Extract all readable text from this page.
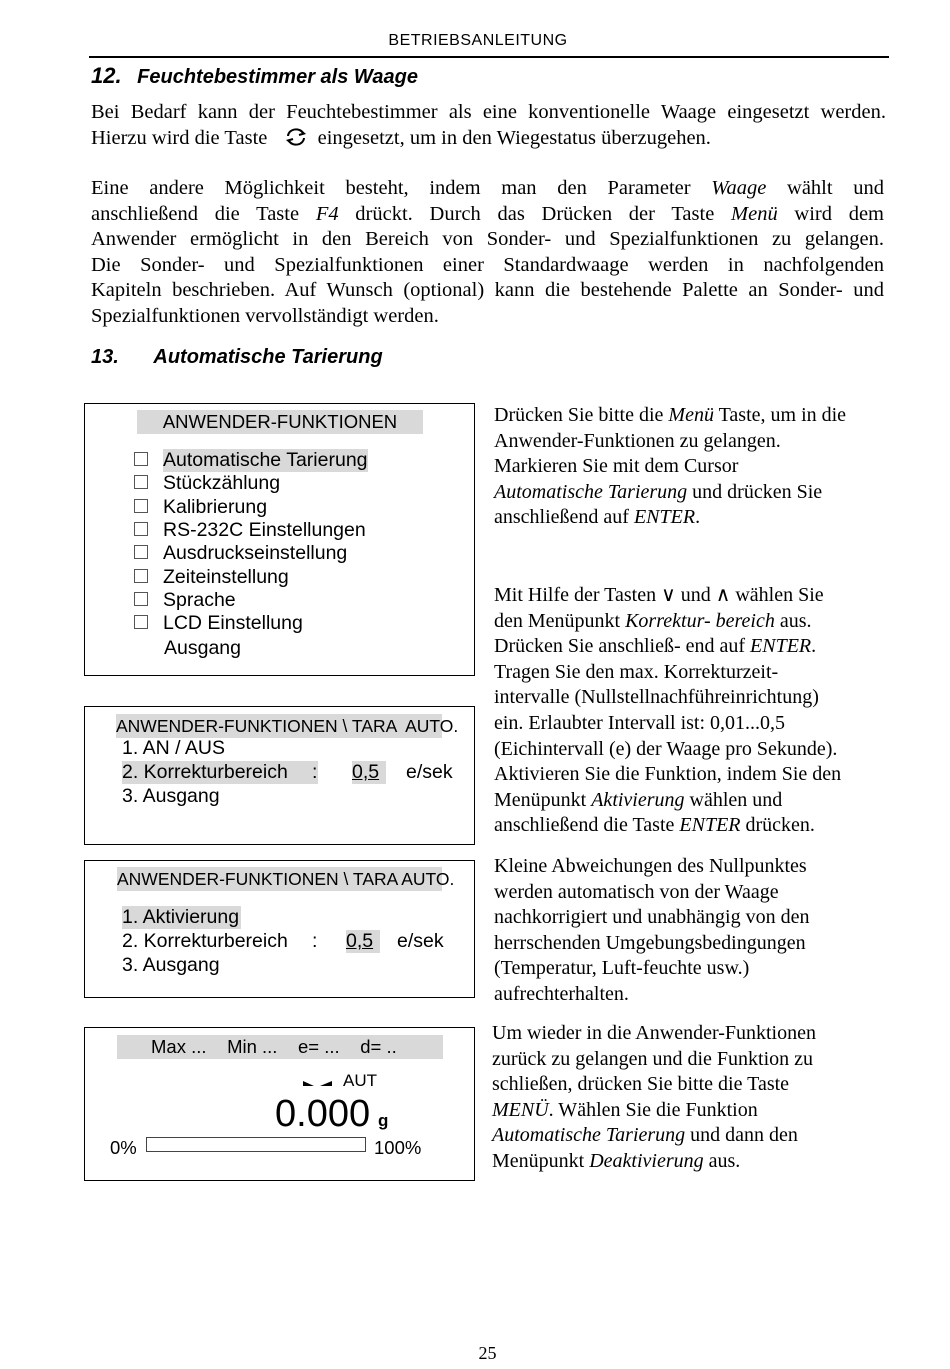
BETRIEBSANLEITUNG
12. Feuchtebestimmer als Waage
Bei Bedarf kann der Feuchtebestimmer als eine konventionelle Waage eingesetzt werden.
Hierzu wird die Taste eingesetzt, um in den Wiegestatus überzugehen.
Eine andere Möglichkeit besteht, indem man den Parameter Waage wählt und
anschließend die Taste F4 drückt. Durch das Drücken der Taste Menü wird dem
Anwender ermöglicht in den Bereich von Sonder- und Spezialfunktionen zu gelangen.
Die Sonder- und Spezialfunktionen einer Standardwaage werden in nachfolgenden
Kapiteln beschrieben. Auf Wunsch (optional) kann die bestehende Palette an Sonder- und
Spezialfunktionen vervollständigt werden.
13. Automatische Tarierung
ANWENDER-FUNKTIONEN
Automatische Tarierung
Stückzählung
Kalibrierung
RS-232C Einstellungen
Ausdruckseinstellung
Zeiteinstellung
Sprache
LCD Einstellung
Ausgang
ANWENDER-FUNKTIONEN \ TARA  AUTO.
1. AN / AUS
2. Korrekturbereich : 0,5 e/sek
3. Ausgang
ANWENDER-FUNKTIONEN \ TARA AUTO.
1. Aktivierung
2. Korrekturbereich : 0,5	e/sek
3. Ausgang
Max ...    Min ...    e= ...    d= ..
AUT
0.000 g
0%	100%
Drücken Sie bitte die Menü Taste, um in die
Anwender-Funktionen zu gelangen.
Markieren Sie mit dem Cursor
Automatische Tarierung und drücken Sie
anschließend auf ENTER.
Mit Hilfe der Tasten ∨ und ∧ wählen Sie
den Menüpunkt Korrektur- bereich aus.
Drücken Sie anschließ- end auf ENTER.
Tragen Sie den max. Korrekturzeit-
intervalle (Nullstellnachführeinrichtung)
ein. Erlaubter Intervall ist: 0,01...0,5
(Eichintervall (e) der Waage pro Sekunde).
Aktivieren Sie die Funktion, indem Sie den
Menüpunkt Aktivierung wählen und
anschließend die Taste ENTER drücken.
Kleine Abweichungen des Nullpunktes
werden automatisch von der Waage
nachkorrigiert und unabhängig von den
herrschenden Umgebungsbedingungen
(Temperatur, Luft-feuchte usw.)
aufrechterhalten.
Um wieder in die Anwender-Funktionen
zurück zu gelangen und die Funktion zu
schließen, drücken Sie bitte die Taste
MENÜ. Wählen Sie die Funktion
Automatische Tarierung und dann den
Menüpunkt Deaktivierung aus.
25
